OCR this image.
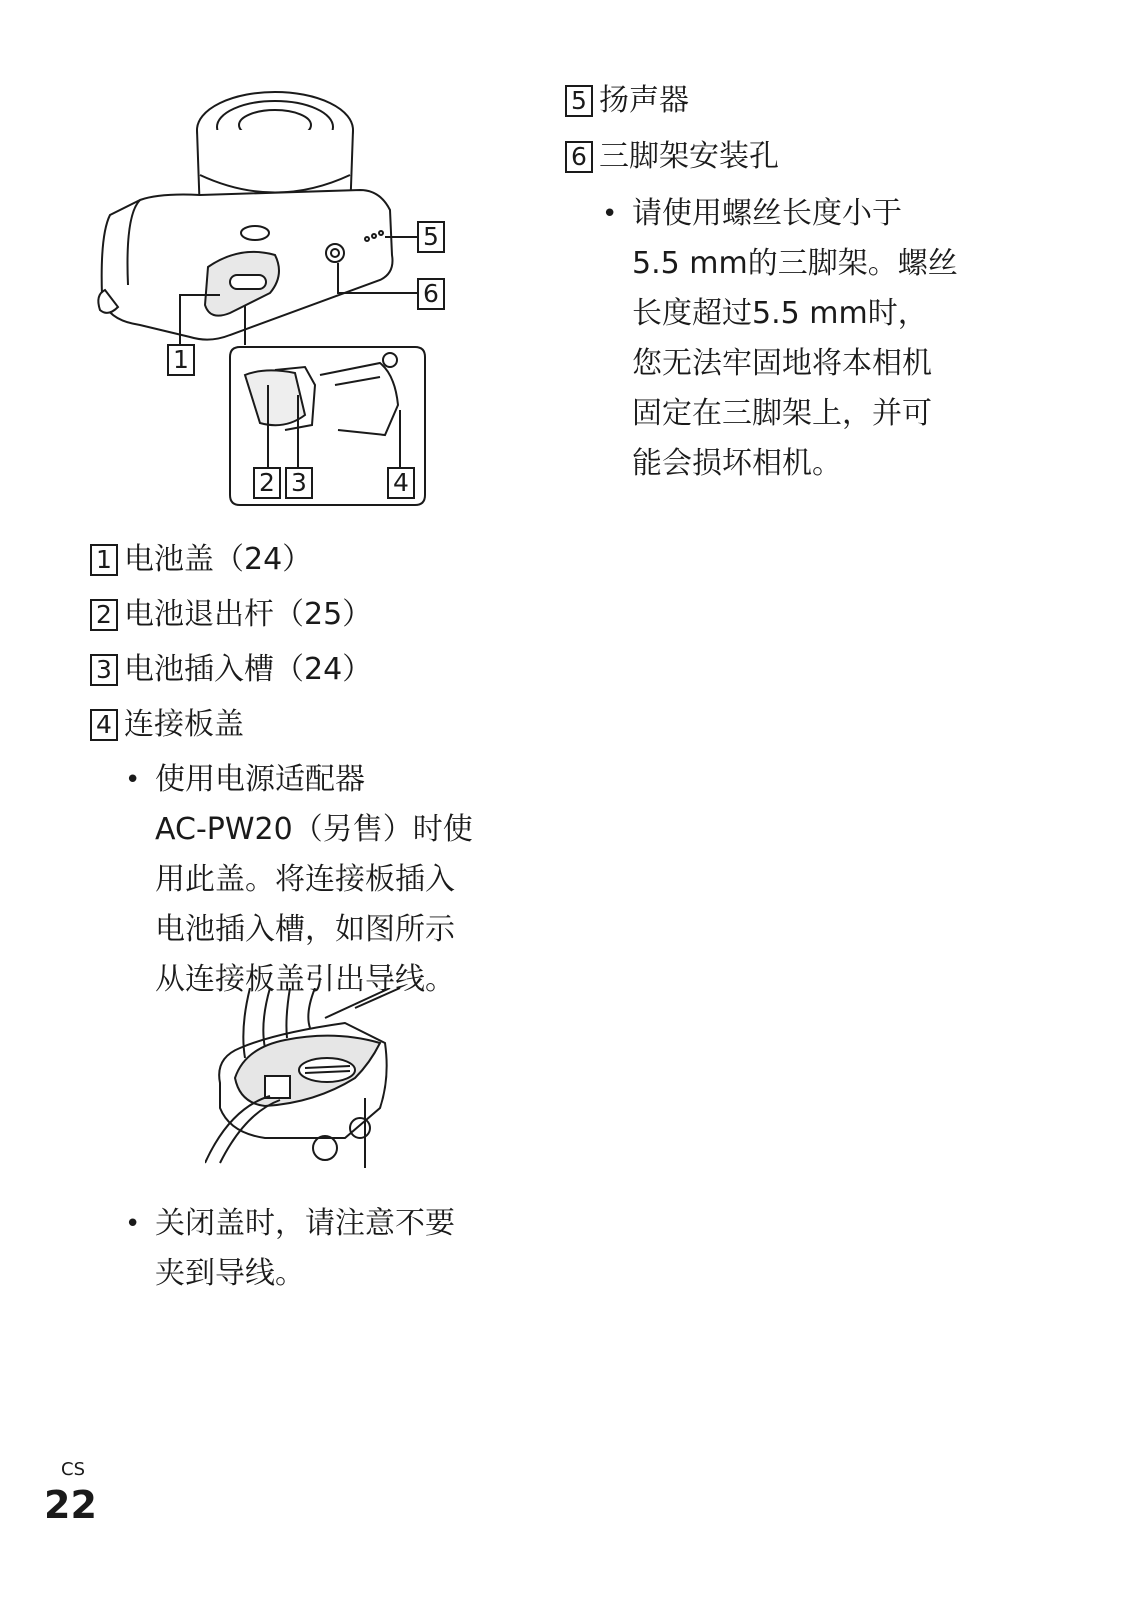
5
6
1
2 3	4
1 电池盖（24）
2 电池退出杆（25）
3 电池插入槽（24）
4 连接板盖
• 使用电源适配器
AC-PW20（另售）时使
用此盖。将连接板插入
电池插入槽，如图所示
从连接板盖引出导线。
• 关闭盖时，请注意不要
夹到导线。
5 扬声器
6 三脚架安装孔
• 请使用螺丝长度小于
5.5 mm的三脚架。螺丝
长度超过5.5 mm时，
您无法牢固地将本相机
固定在三脚架上，并可
能会损坏相机。
CS
22
